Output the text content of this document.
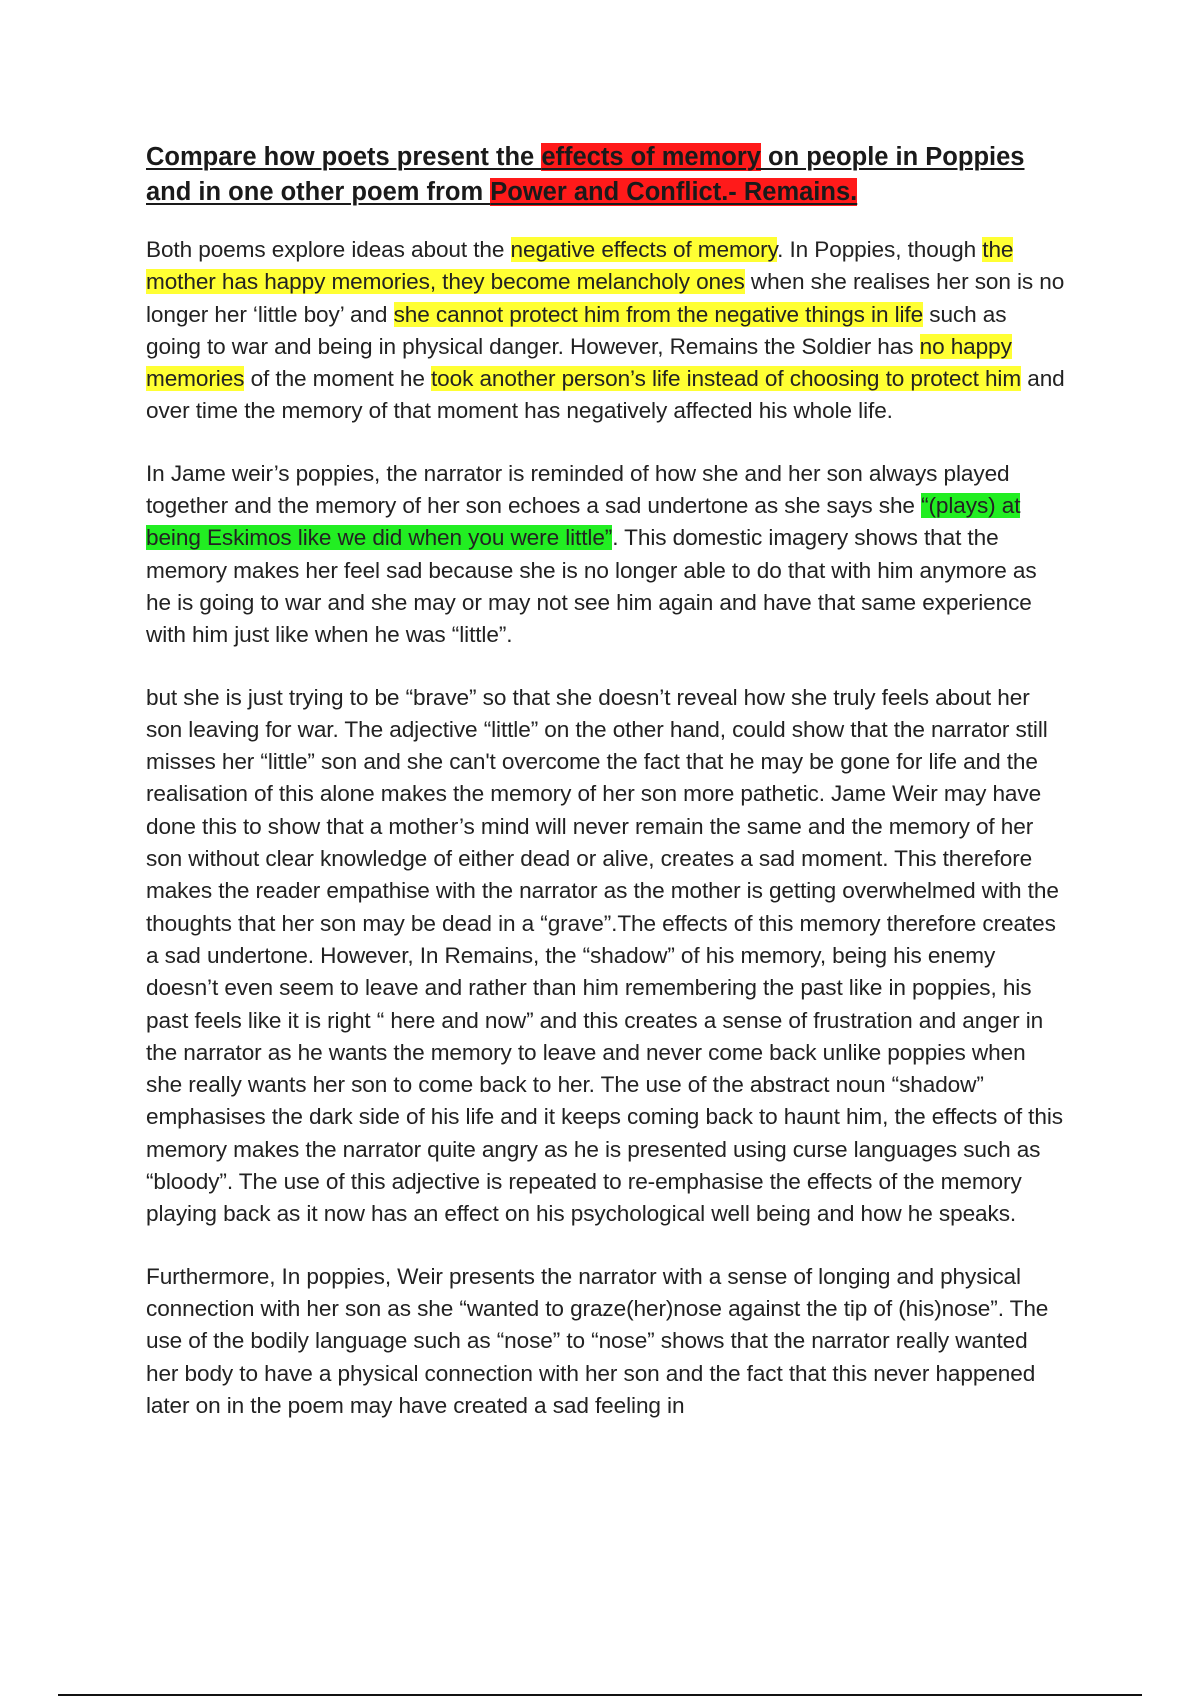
Compare how poets present the effects of memory on people in Poppies and in one other poem from Power and Conflict.- Remains.

Both poems explore ideas about the negative effects of memory. In Poppies, though the mother has happy memories, they become melancholy ones when she realises her son is no longer her ‘little boy’ and she cannot protect him from the negative things in life such as going to war and being in physical danger. However, Remains the Soldier has no happy memories of the moment he took another person’s life instead of choosing to protect him and over time the memory of that moment has negatively affected his whole life.

In Jame weir’s poppies, the narrator is reminded of how she and her son always played together and the memory of her son echoes a sad undertone as she says she “(plays) at being Eskimos like we did when you were little”. This domestic imagery shows that the memory makes her feel sad because she is no longer able to do that with him anymore as he is going to war and she may or may not see him again and have that same experience with him just like when he was “little”.

but she is just trying to be “brave” so that she doesn’t reveal how she truly feels about her son leaving for war. The adjective “little” on the other hand, could show that the narrator still misses her “little” son and she can't overcome the fact that he may be gone for life and the realisation of this alone makes the memory of her son more pathetic. Jame Weir may have done this to show that a mother’s mind will never remain the same and the memory of her son without clear knowledge of either dead or alive, creates a sad moment. This therefore makes the reader empathise with the narrator as the mother is getting overwhelmed with the thoughts that her son may be dead in a “grave”.The effects of this memory therefore creates a sad undertone. However, In Remains, the “shadow” of his memory, being his enemy doesn’t even seem to leave and rather than him remembering the past like in poppies, his past feels like it is right “ here and now” and this creates a sense of frustration and anger in the narrator as he wants the memory to leave and never come back unlike poppies when she really wants her son to come back to her. The use of the abstract noun “shadow” emphasises the dark side of his life and it keeps coming back to haunt him, the effects of this memory makes the narrator quite angry as he is presented using curse languages such as “bloody”. The use of this adjective is repeated to re-emphasise the effects of the memory playing back as it now has an effect on his psychological well being and how he speaks.

Furthermore, In poppies, Weir presents the narrator with a sense of longing and physical connection with her son as she “wanted to graze(her)nose against the tip of (his)nose”. The use of the bodily language such as “nose” to “nose” shows that the narrator really wanted her body to have a physical connection with her son and the fact that this never happened later on in the poem may have created a sad feeling in
